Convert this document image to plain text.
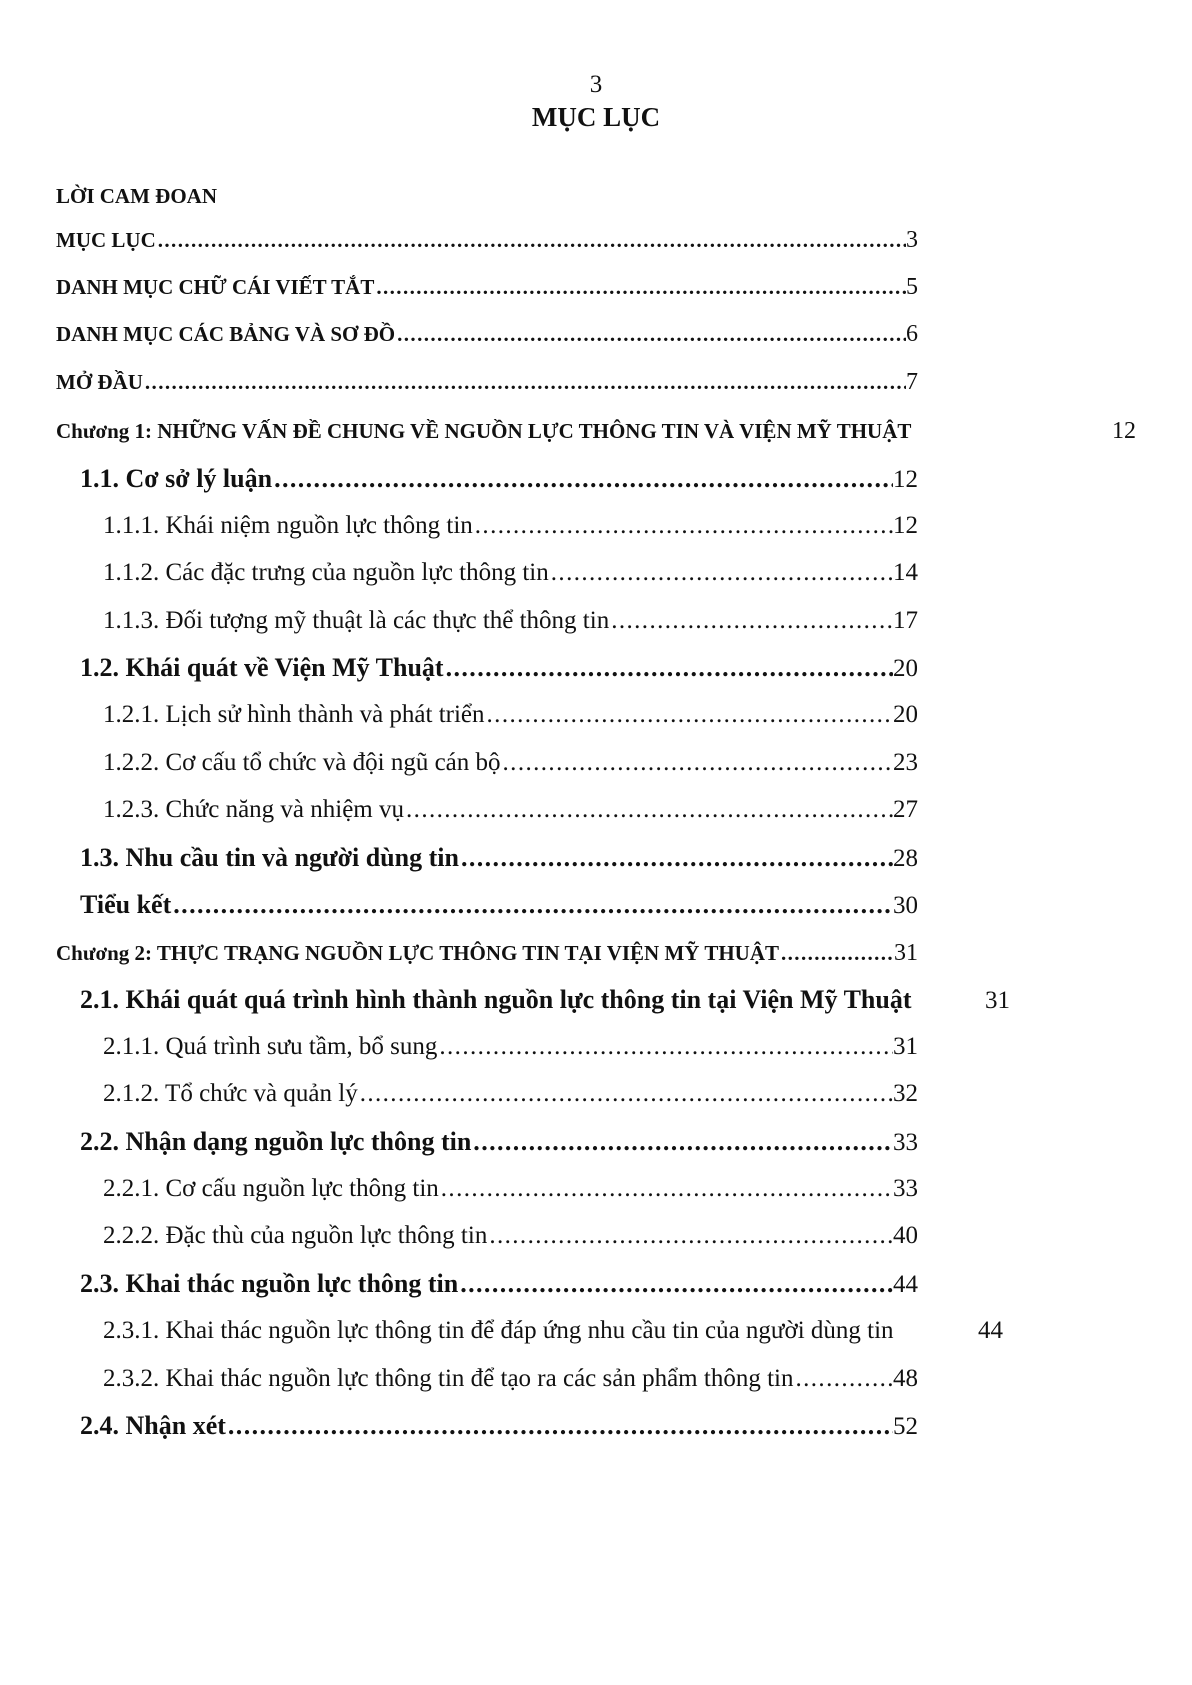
3
MỤC LỤC
LỜI CAM ĐOAN
MỤC LỤC .....	3
DANH MỤC CHỮ CÁI VIẾT TẮT .....	5
DANH MỤC CÁC BẢNG VÀ SƠ ĐỒ .....	6
MỞ ĐẦU .....	7
Chương 1: NHỮNG VẤN ĐỀ CHUNG VỀ NGUỒN LỰC THÔNG TIN VÀ VIỆN MỸ THUẬT	12
1.1. Cơ sở lý luận .....	12
1.1.1. Khái niệm nguồn lực thông tin .....	12
1.1.2. Các đặc trưng của nguồn lực thông tin .....	14
1.1.3. Đối tượng mỹ thuật là các thực thể thông tin .....	17
1.2. Khái quát về Viện Mỹ Thuật .....	20
1.2.1. Lịch sử hình thành và phát triển .....	20
1.2.2. Cơ cấu tổ chức và đội ngũ cán bộ .....	23
1.2.3. Chức năng và nhiệm vụ .....	27
1.3. Nhu cầu tin và người dùng tin .....	28
Tiểu kết .....	30
Chương 2: THỰC TRẠNG NGUỒN LỰC THÔNG TIN TẠI VIỆN MỸ THUẬT .....	31
2.1. Khái quát quá trình hình thành nguồn lực thông tin tại Viện Mỹ Thuật	31
2.1.1. Quá trình sưu tầm, bổ sung .....	31
2.1.2. Tổ chức và quản lý .....	32
2.2. Nhận dạng nguồn lực thông tin .....	33
2.2.1. Cơ cấu nguồn lực thông tin .....	33
2.2.2. Đặc thù của nguồn lực thông tin .....	40
2.3. Khai thác nguồn lực thông tin .....	44
2.3.1. Khai thác nguồn lực thông tin để đáp ứng nhu cầu tin của người dùng tin	44
2.3.2. Khai thác nguồn lực thông tin để tạo ra các sản phẩm thông tin .....	48
2.4. Nhận xét .....	52
